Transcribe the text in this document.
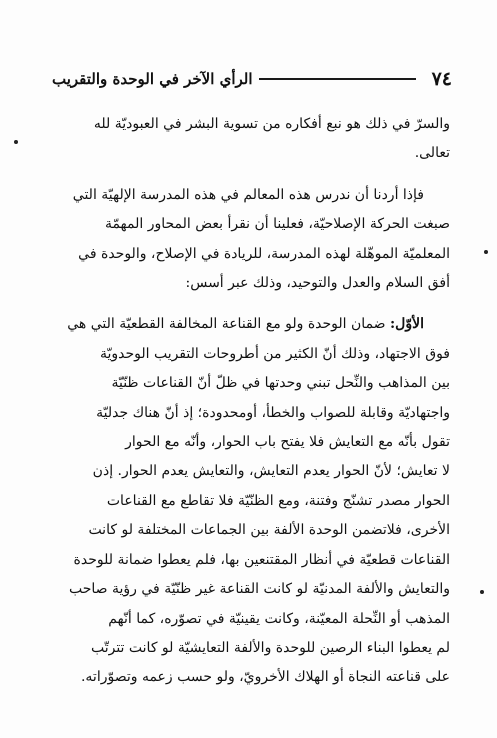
٧٤
الرأي الآخر في الوحدة والتقريب

والسرّ في ذلك هو نبع أفكاره من تسوية البشر في العبوديّة لله
تعالى.

فإذا أردنا أن ندرس هذه المعالم في هذه المدرسة الإلهيّة التي
صبغت الحركة الإصلاحيّة، فعلينا أن نقرأ بعض المحاور المهمّة
المعلميّة الموهّلة لهذه المدرسة، للريادة في الإصلاح، والوحدة في
أفق السلام والعدل والتوحيد، وذلك عبر أسس:

الأوّل: ضمان الوحدة ولو مع القناعة المخالفة القطعيّة التي هي
فوق الاجتهاد، وذلك أنّ الكثير من أطروحات التقريب الوحدويّة
بين المذاهب والنِّحل تبني وحدتها في ظلّ أنّ القناعات ظنّيّة
واجتهاديّة وقابلة للصواب والخطأ، أومحدودة؛ إذ أنّ هناك جدليّة
تقول بأنّه مع التعايش فلا يفتح باب الحوار، وأنّه مع الحوار
لا تعايش؛ لأنّ الحوار يعدم التعايش، والتعايش يعدم الحوار. إذن
الحوار مصدر تشنّج وفتنة، ومع الظنّيّة فلا تقاطع مع القناعات
الأخرى، فلاتضمن الوحدة الألفة بين الجماعات المختلفة لو كانت
القناعات قطعيّة في أنظار المقتنعين بها، فلم يعطوا ضمانة للوحدة
والتعايش والألفة المدنيّة لو كانت القناعة غير ظنّيّة في رؤية صاحب
المذهب أو النِّحلة المعيّنة، وكانت يقينيّة في تصوّره، كما أنّهم
لم يعطوا البناء الرصين للوحدة والألفة التعايشيّة لو كانت تترتّب
على قناعته النجاة أو الهلاك الأخرويّ، ولو حسب زعمه وتصوّراته.
